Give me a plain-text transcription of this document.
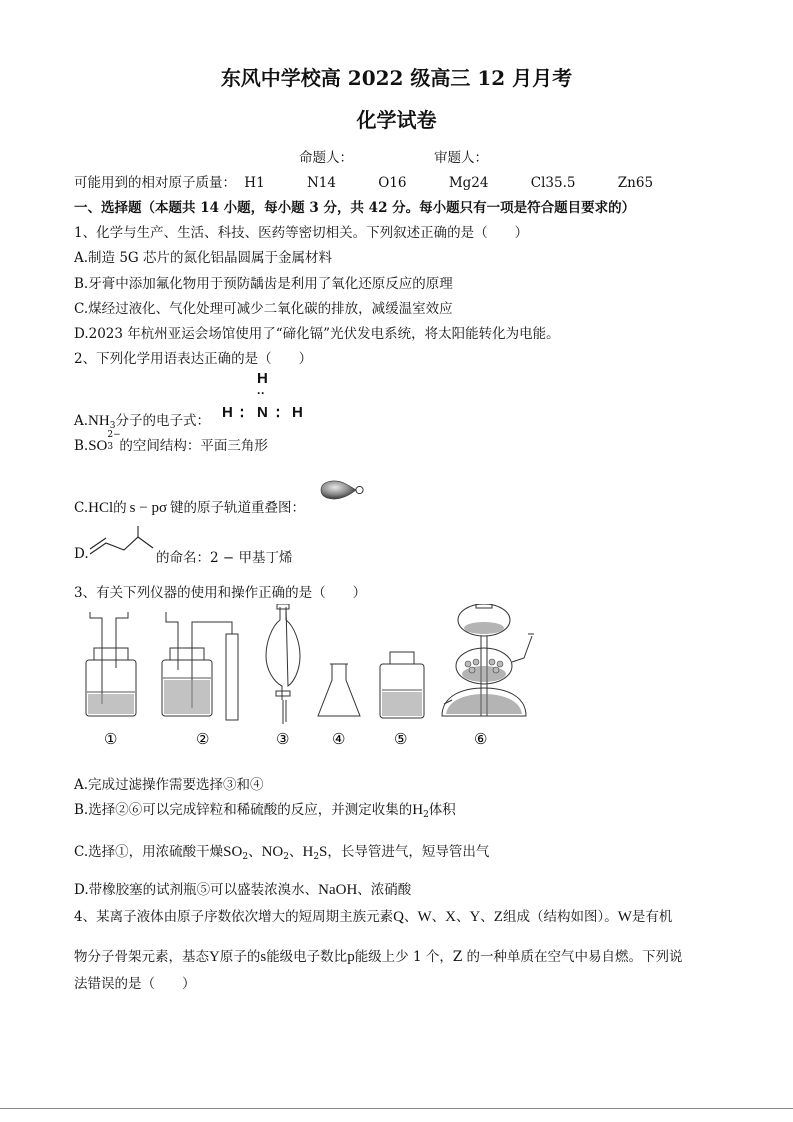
东风中学校高 2022 级高三 12 月月考
化学试卷
命题人：	审题人：
可能用到的相对原子质量： H1	N14	O16	Mg24	Cl35.5	Zn65
一、选择题（本题共 14 小题，每小题 3 分，共 42 分。每小题只有一项是符合题目要求的）
1、化学与生产、生活、科技、医药等密切相关。下列叙述正确的是（　　）
A.制造 5G 芯片的氮化铝晶圆属于金属材料
B.牙膏中添加氟化物用于预防龋齿是利用了氧化还原反应的原理
C.煤经过液化、气化处理可减少二氧化碳的排放，减缓温室效应
D.2023 年杭州亚运会场馆使用了“碲化镉”光伏发电系统，将太阳能转化为电能。
2、下列化学用语表达正确的是（　　）
H
··
$A.NH_3$分子的电子式： H ∶ N ∶ H
B.SO
2−
3 的空间结构：平面三角形
C.HCl的 s − pσ 键的原子轨道重叠图：
D.	的命名：2 − 甲基丁烯
3、有关下列仪器的使用和操作正确的是（　　）
①	②	③	④	⑤	⑥
A.完成过滤操作需要选择③和④
B.选择②⑥可以完成锌粒和稀硫酸的反应，并测定收集的$H_2$体积
C.选择①，用浓硫酸干燥$SO_2$、$NO_2$、$H_2S$，长导管进气，短导管出气
D.带橡胶塞的试剂瓶⑤可以盛装浓溴水、NaOH、浓硝酸
4、某离子液体由原子序数依次增大的短周期主族元素Q、W、X、Y、Z组成（结构如图）。W是有机
物分子骨架元素，基态Y原子的s能级电子数比p能级上少 1 个，Z 的一种单质在空气中易自燃。下列说
法错误的是（　　）
